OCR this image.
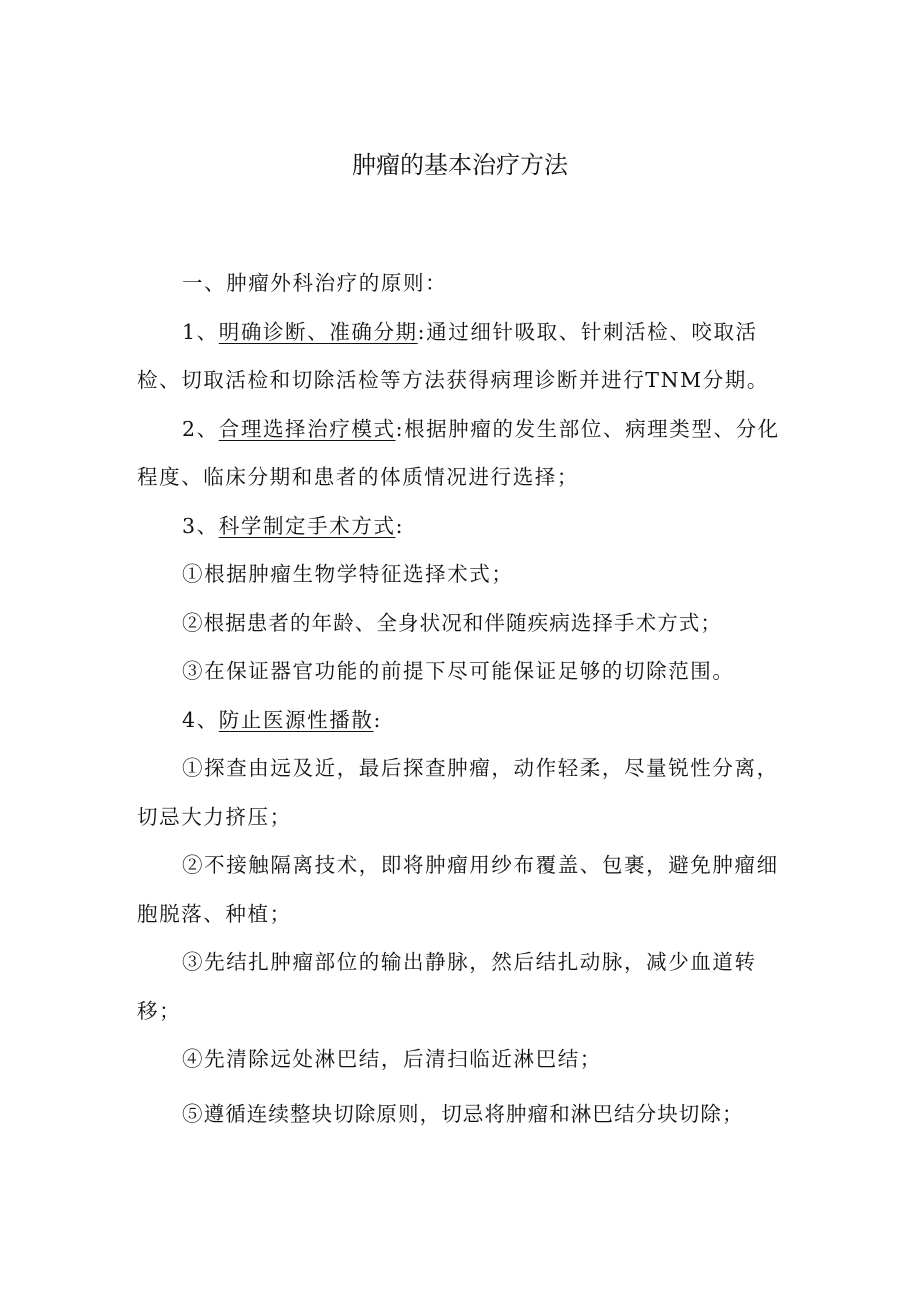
肿瘤的基本治疗方法

一、肿瘤外科治疗的原则：

1、明确诊断、准确分期:通过细针吸取、针刺活检、咬取活检、切取活检和切除活检等方法获得病理诊断并进行TNM分期。

2、合理选择治疗模式:根据肿瘤的发生部位、病理类型、分化程度、临床分期和患者的体质情况进行选择；

3、科学制定手术方式:

①根据肿瘤生物学特征选择术式；

②根据患者的年龄、全身状况和伴随疾病选择手术方式；

③在保证器官功能的前提下尽可能保证足够的切除范围。

4、防止医源性播散:

①探查由远及近，最后探查肿瘤，动作轻柔，尽量锐性分离，切忌大力挤压；

②不接触隔离技术，即将肿瘤用纱布覆盖、包裹，避免肿瘤细胞脱落、种植；

③先结扎肿瘤部位的输出静脉，然后结扎动脉，减少血道转移；

④先清除远处淋巴结，后清扫临近淋巴结；

⑤遵循连续整块切除原则，切忌将肿瘤和淋巴结分块切除；
